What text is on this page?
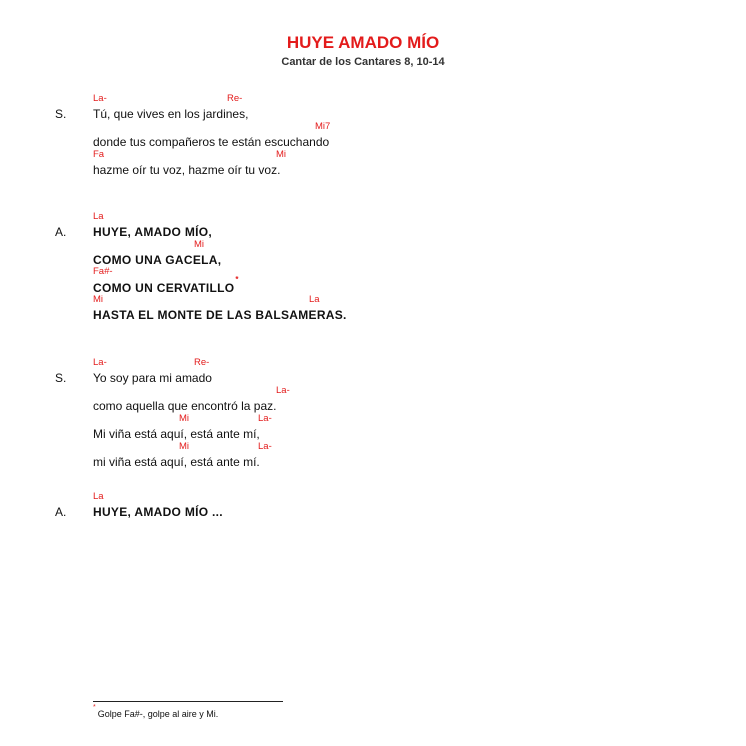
HUYE AMADO MÍO
Cantar de los Cantares 8, 10-14
S.
La-	Re-
Tú, que vives en los jardines,
Mi7
donde tus compañeros te están escuchando
Fa	Mi
hazme oír tu voz, hazme oír tu voz.
A.
La
HUYE, AMADO MÍO,
Mi
COMO UNA GACELA,
Fa#-
COMO UN CERVATILLO*
Mi	La
HASTA EL MONTE DE LAS BALSAMERAS.
S.
La-	Re-
Yo soy para mi amado
La-
como aquella que encontró la paz.
Mi	La-
Mi viña está aquí, está ante mí,
Mi	La-
mi viña está aquí, está ante mí.
A.
La
HUYE, AMADO MÍO ...
*Golpe Fa#-, golpe al aire y Mi.
